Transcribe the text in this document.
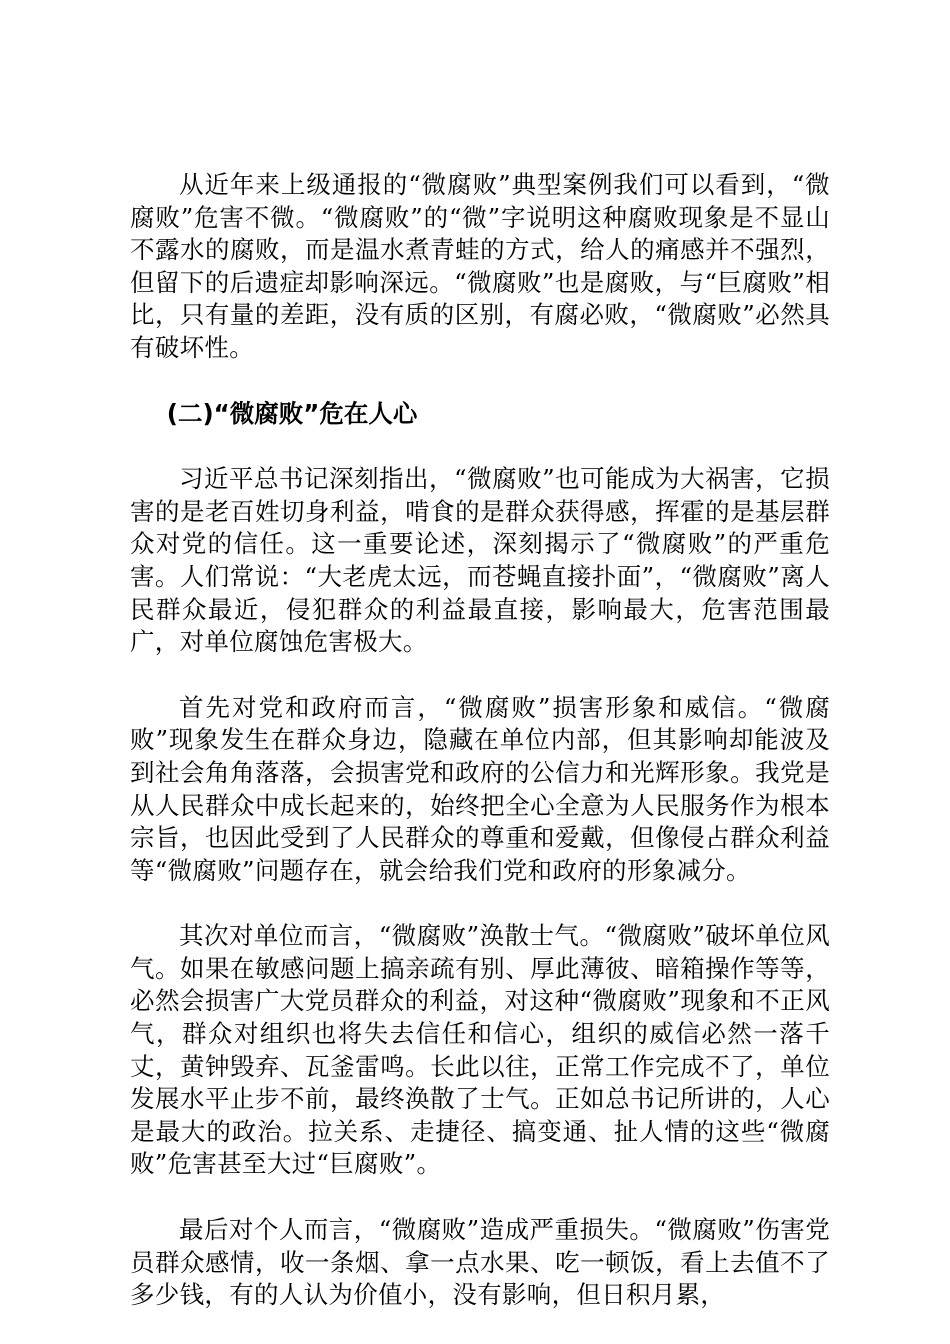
从近年来上级通报的“微腐败”典型案例我们可以看到，“微腐败”危害不微。“微腐败”的“微”字说明这种腐败现象是不显山不露水的腐败，而是温水煮青蛙的方式，给人的痛感并不强烈，但留下的后遗症却影响深远。“微腐败”也是腐败，与“巨腐败”相比，只有量的差距，没有质的区别，有腐必败，“微腐败”必然具有破坏性。

(二)“微腐败”危在人心

习近平总书记深刻指出，“微腐败”也可能成为大祸害，它损害的是老百姓切身利益，啃食的是群众获得感，挥霍的是基层群众对党的信任。这一重要论述，深刻揭示了“微腐败”的严重危害。人们常说：“大老虎太远，而苍蝇直接扑面”，“微腐败”离人民群众最近，侵犯群众的利益最直接，影响最大，危害范围最广，对单位腐蚀危害极大。

首先对党和政府而言，“微腐败”损害形象和威信。“微腐败”现象发生在群众身边，隐藏在单位内部，但其影响却能波及到社会角角落落，会损害党和政府的公信力和光辉形象。我党是从人民群众中成长起来的，始终把全心全意为人民服务作为根本宗旨，也因此受到了人民群众的尊重和爱戴，但像侵占群众利益等“微腐败”问题存在，就会给我们党和政府的形象减分。

其次对单位而言，“微腐败”涣散士气。“微腐败”破坏单位风气。如果在敏感问题上搞亲疏有别、厚此薄彼、暗箱操作等等，必然会损害广大党员群众的利益，对这种“微腐败”现象和不正风气，群众对组织也将失去信任和信心，组织的威信必然一落千丈，黄钟毁弃、瓦釜雷鸣。长此以往，正常工作完成不了，单位发展水平止步不前，最终涣散了士气。正如总书记所讲的，人心是最大的政治。拉关系、走捷径、搞变通、扯人情的这些“微腐败”危害甚至大过“巨腐败”。

最后对个人而言，“微腐败”造成严重损失。“微腐败”伤害党员群众感情，收一条烟、拿一点水果、吃一顿饭，看上去值不了多少钱，有的人认为价值小，没有影响，但日积月累，
